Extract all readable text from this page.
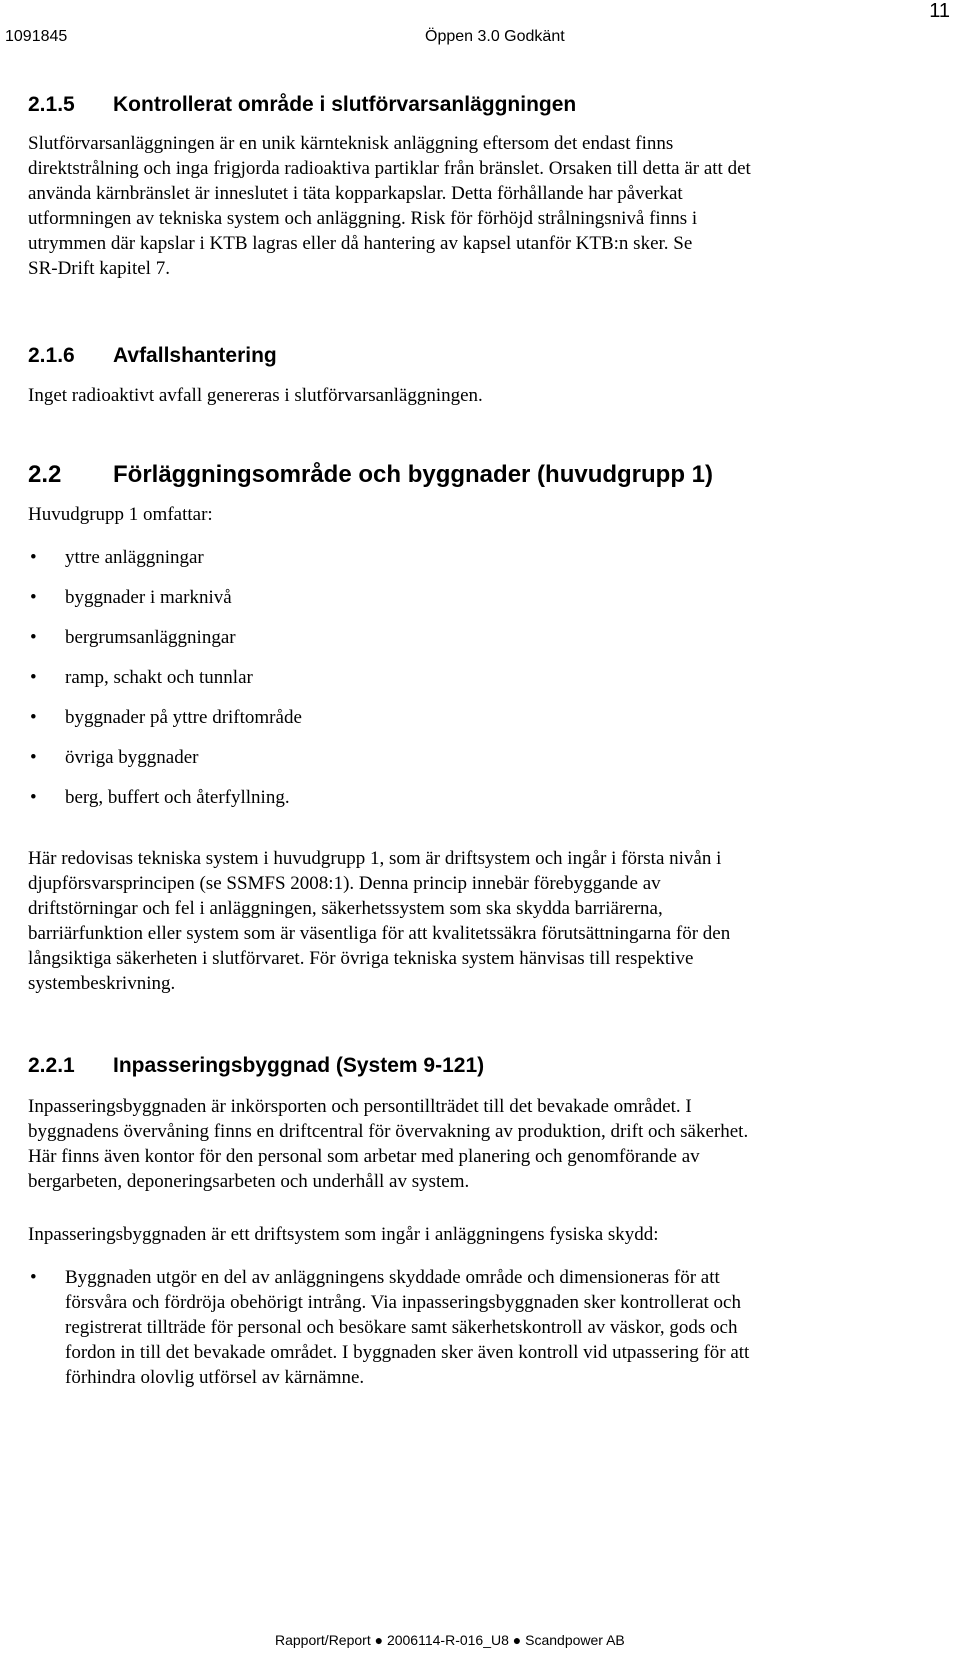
11
1091845	Öppen 3.0 Godkänt
2.1.5 Kontrollerat område i slutförvarsanläggningen
Slutförvarsanläggningen är en unik kärnteknisk anläggning eftersom det endast finns
direktstrålning och inga frigjorda radioaktiva partiklar från bränslet. Orsaken till detta är att det
använda kärnbränslet är inneslutet i täta kopparkapslar. Detta förhållande har påverkat
utformningen av tekniska system och anläggning. Risk för förhöjd strålningsnivå finns i
utrymmen där kapslar i KTB lagras eller då hantering av kapsel utanför KTB:n sker. Se
SR-Drift kapitel 7.
2.1.6 Avfallshantering
Inget radioaktivt avfall genereras i slutförvarsanläggningen.
2.2 Förläggningsområde och byggnader (huvudgrupp 1)
Huvudgrupp 1 omfattar:
• yttre anläggningar
• byggnader i marknivå
• bergrumsanläggningar
• ramp, schakt och tunnlar
• byggnader på yttre driftområde
• övriga byggnader
• berg, buffert och återfyllning.
Här redovisas tekniska system i huvudgrupp 1, som är driftsystem och ingår i första nivån i
djupförsvarsprincipen (se SSMFS 2008:1). Denna princip innebär förebyggande av
driftstörningar och fel i anläggningen, säkerhetssystem som ska skydda barriärerna,
barriärfunktion eller system som är väsentliga för att kvalitetssäkra förutsättningarna för den
långsiktiga säkerheten i slutförvaret. För övriga tekniska system hänvisas till respektive
systembeskrivning.
2.2.1 Inpasseringsbyggnad (System 9-121)
Inpasseringsbyggnaden är inkörsporten och persontillträdet till det bevakade området. I
byggnadens övervåning finns en driftcentral för övervakning av produktion, drift och säkerhet.
Här finns även kontor för den personal som arbetar med planering och genomförande av
bergarbeten, deponeringsarbeten och underhåll av system.
Inpasseringsbyggnaden är ett driftsystem som ingår i anläggningens fysiska skydd:
• Byggnaden utgör en del av anläggningens skyddade område och dimensioneras för att
försvåra och fördröja obehörigt intrång. Via inpasseringsbyggnaden sker kontrollerat och
registrerat tillträde för personal och besökare samt säkerhetskontroll av väskor, gods och
fordon in till det bevakade området. I byggnaden sker även kontroll vid utpassering för att
förhindra olovlig utförsel av kärnämne.
Rapport/Report ● 2006114-R-016_U8 ● Scandpower AB
